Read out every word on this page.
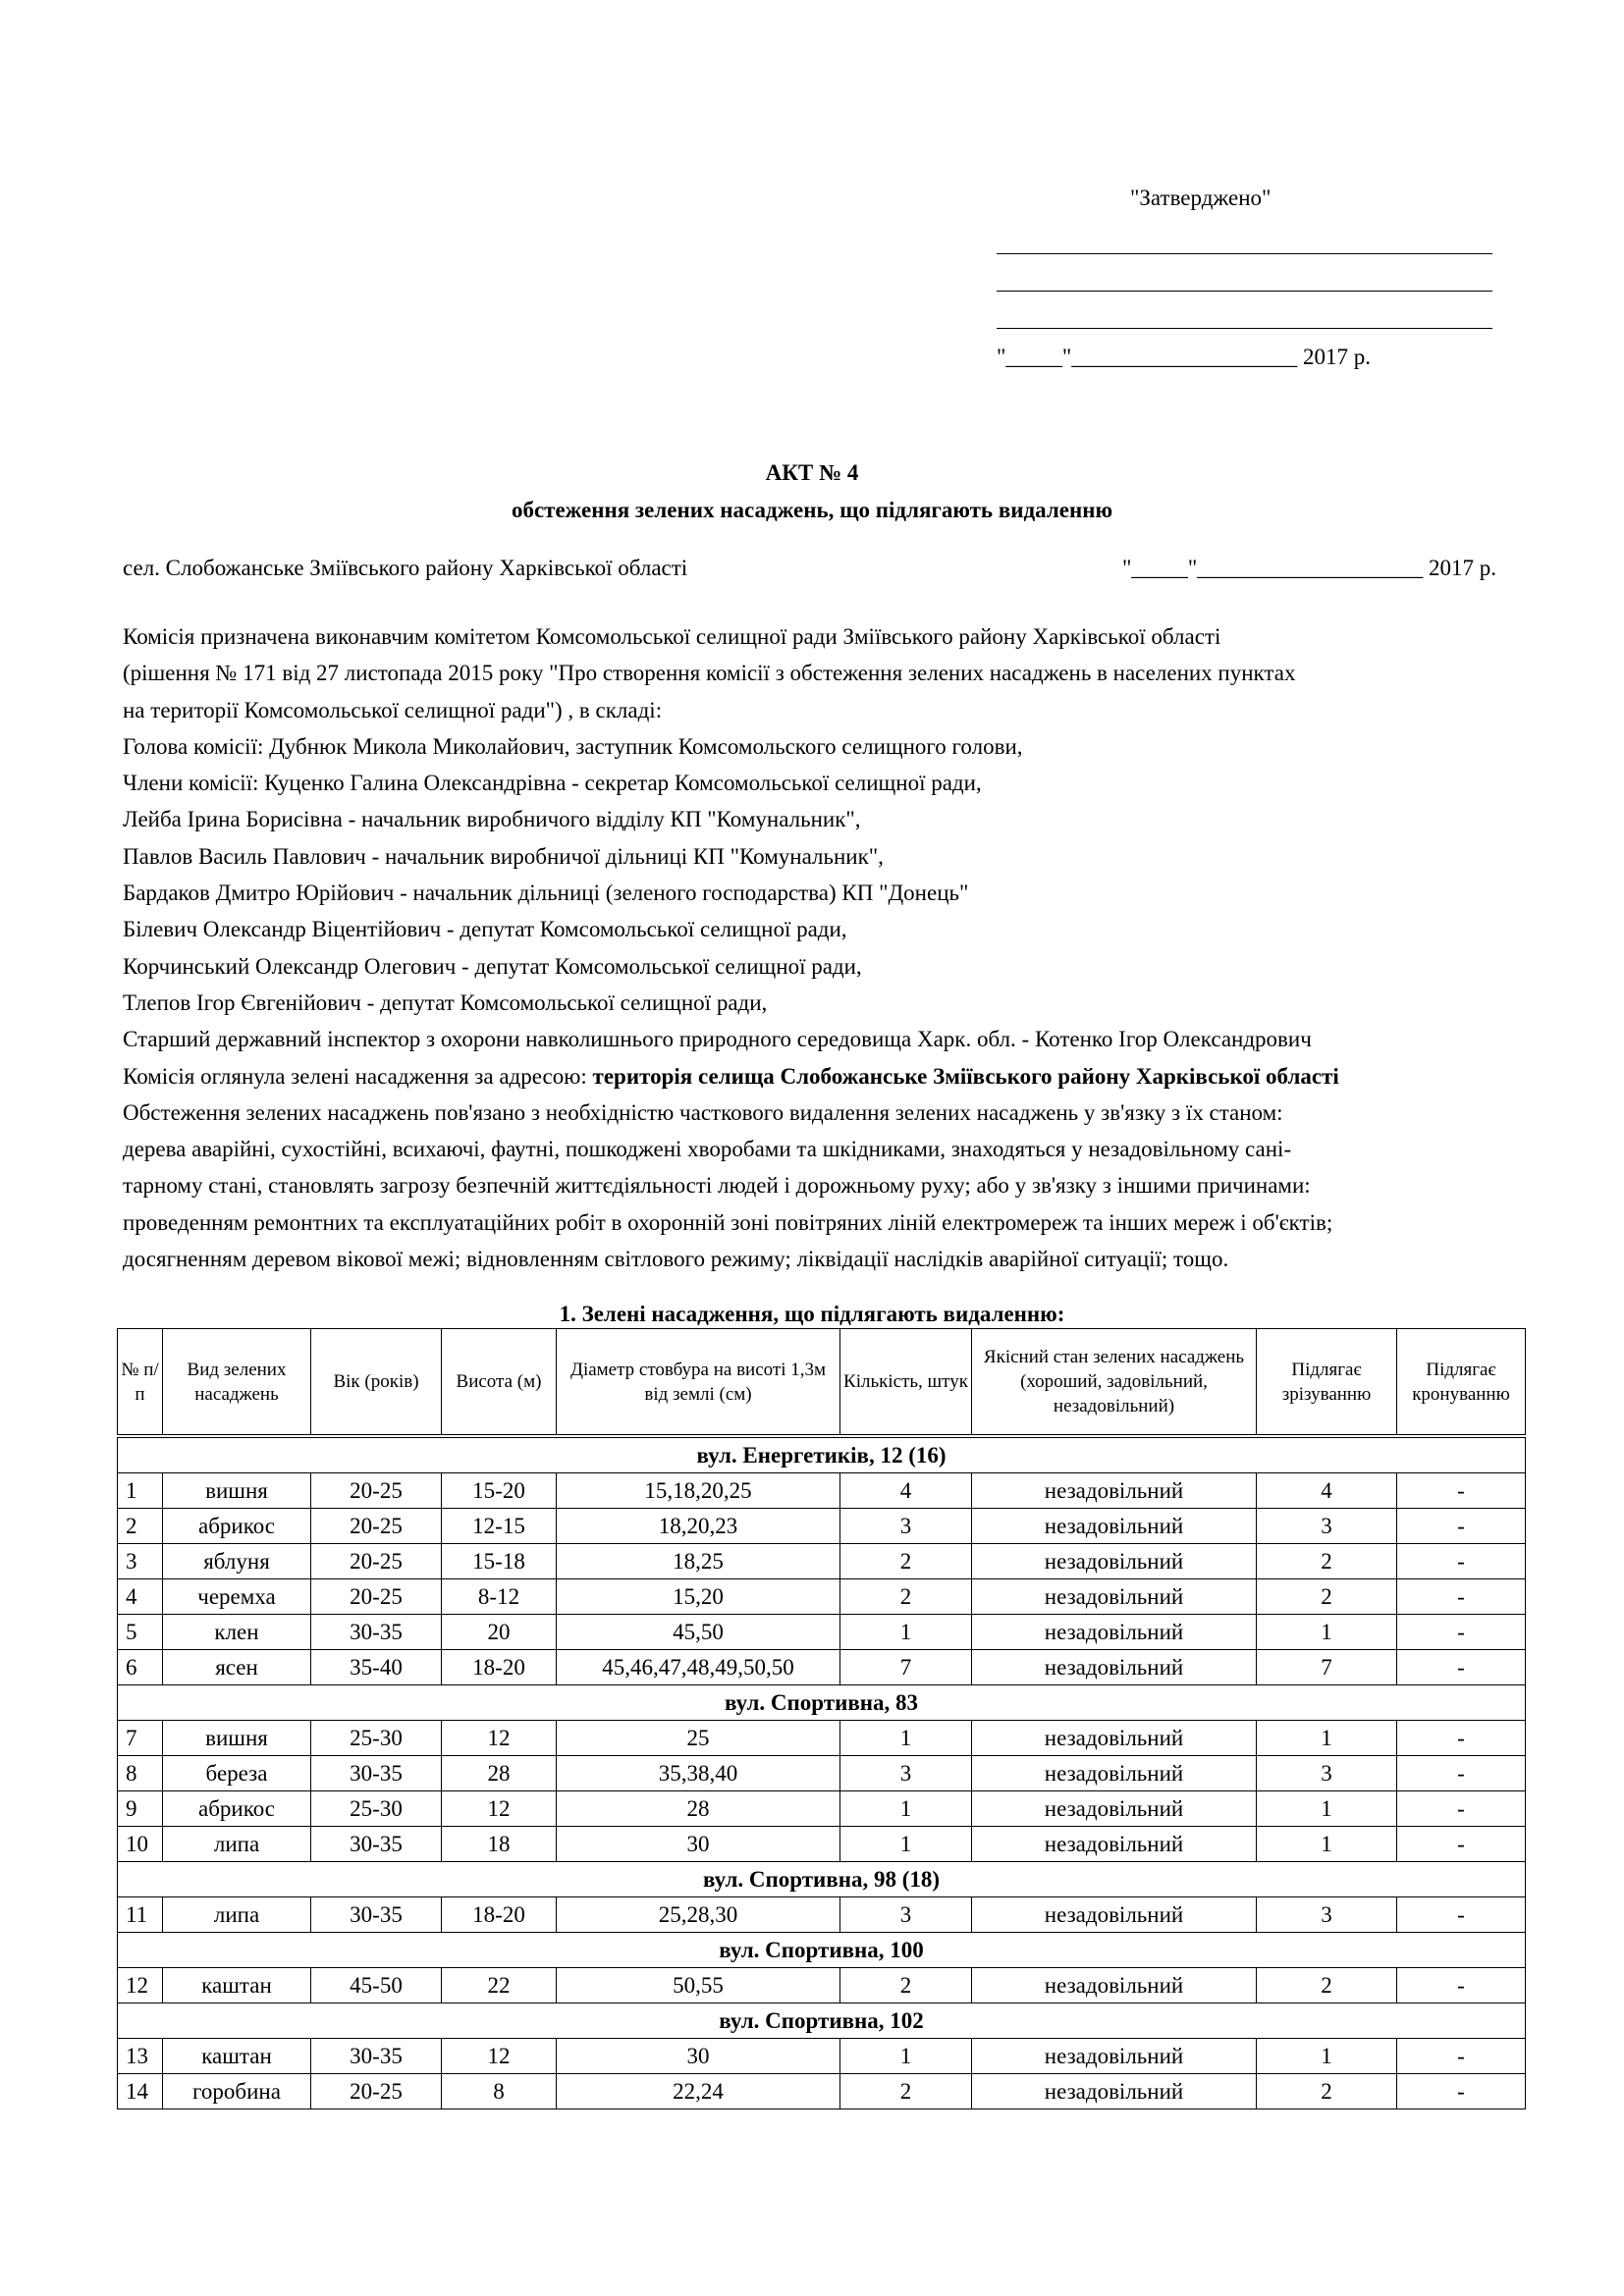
"Затверджено"
"_____"____________________ 2017 р.
АКТ № 4
обстеження зелених насаджень, що підлягають видаленню
сел. Слобожанське Зміївського району Харківської області	"_____"____________________ 2017 р.
Комісія призначена виконавчим комітетом Комсомольської селищної ради Зміївського району Харківської області
(рішення № 171 від 27 листопада 2015 року "Про створення комісії з обстеження зелених насаджень в населених пунктах
на території Комсомольської селищної ради") , в складі:
Голова комісії: Дубнюк Микола Миколайович, заступник Комсомольского селищного голови,
Члени комісії: Куценко Галина Олександрівна - секретар Комсомольської селищної ради,
Лейба Ірина Борисівна - начальник виробничого відділу КП "Комунальник",
Павлов Василь Павлович - начальник виробничої дільниці КП "Комунальник",
Бардаков Дмитро Юрійович - начальник дільниці (зеленого господарства) КП "Донець"
Білевич Олександр Віцентійович - депутат Комсомольської селищної ради,
Корчинський Олександр Олегович - депутат Комсомольської селищної ради,
Тлепов Ігор Євгенійович - депутат Комсомольської селищної ради,
Старший державний інспектор з охорони навколишнього природного середовища Харк. обл. - Котенко Ігор Олександрович
Комісія оглянула зелені насадження за адресою: територія селища Слобожанське Зміївського району Харківської області
Обстеження зелених насаджень пов'язано з необхідністю часткового видалення зелених насаджень у зв'язку з їх станом:
дерева аварійні, сухостійні, всихаючі, фаутні, пошкоджені хворобами та шкідниками, знаходяться у незадовільному сані-
тарному стані, становлять загрозу безпечній життєдіяльності людей і дорожньому руху; або у зв'язку з іншими причинами:
проведенням ремонтних та експлуатаційних робіт в охоронній зоні повітряних ліній електромереж та інших мереж і об'єктів;
досягненням деревом вікової межі; відновленням світлового режиму; ліквідації наслідків аварійної ситуації; тощо.
1. Зелені насадження, що підлягають видаленню:
№ п/п	Вид зелених насаджень	Вік (років)	Висота (м)	Діаметр стовбура на висоті 1,3м від землі (см)	Кількість, штук	Якісний стан зелених насаджень (хороший, задовільний, незадовільний)	Підлягає зрізуванню	Підлягає кронуванню
вул. Енергетиків, 12 (16)								
1	вишня	20-25	15-20	15,18,20,25	4	незадовільний	4	-
2	абрикос	20-25	12-15	18,20,23	3	незадовільний	3	-
3	яблуня	20-25	15-18	18,25	2	незадовільний	2	-
4	черемха	20-25	8-12	15,20	2	незадовільний	2	-
5	клен	30-35	20	45,50	1	незадовільний	1	-
6	ясен	35-40	18-20	45,46,47,48,49,50,50	7	незадовільний	7	-
вул. Спортивна, 83								
7	вишня	25-30	12	25	1	незадовільний	1	-
8	береза	30-35	28	35,38,40	3	незадовільний	3	-
9	абрикос	25-30	12	28	1	незадовільний	1	-
10	липа	30-35	18	30	1	незадовільний	1	-
вул. Спортивна, 98 (18)								
11	липа	30-35	18-20	25,28,30	3	незадовільний	3	-
вул. Спортивна, 100								
12	каштан	45-50	22	50,55	2	незадовільний	2	-
вул. Спортивна, 102								
13	каштан	30-35	12	30	1	незадовільний	1	-
14	горобина	20-25	8	22,24	2	незадовільний	2	-
